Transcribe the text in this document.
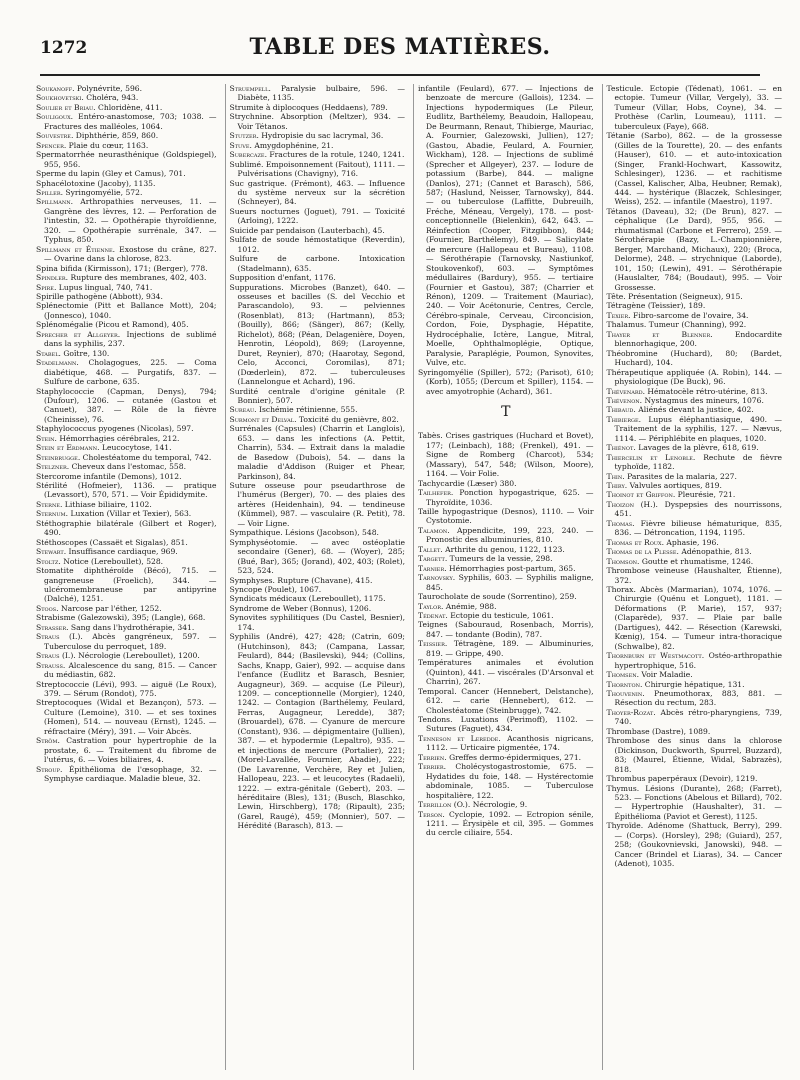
1272	TABLE DES MATIÈRES.

Soukanoff. Polynévrite, 596.

Soukhovetski. Choléra, 943.

Soulier et Briau. Chloridène, 411.

Souligoux. Entéro-anastomose, 703; 1038. — Fractures des malléoles, 1064.

Souvestre. Diphthérie, 859, 860.

Spencer. Plaie du cœur, 1163.

Spermatorrhée neurasthénique (Goldspiegel), 955, 956.

Sperme du lapin (Gley et Camus), 701.

Sphacélotoxine (Jacoby), 1135.

Spiller. Syringomyélie, 572.

Spillmann. Arthropathies nerveuses, 11. — Gangrène des lèvres, 12. — Perforation de l'intestin, 32. — Opothérapie thyroïdienne, 320. — Opothérapie surrénale, 347. — Typhus, 850.

Spillmann et Étienne. Exostose du crâne, 827. — Ovarine dans la chlorose, 823.

Spina bifida (Kirmisson), 171; (Berger), 778.

Spindler. Rupture des membranes, 402, 403.

Spire. Lupus lingual, 740, 741.

Spirille pathogène (Abbott), 934.

Splénectomie (Pitt et Ballance Mott), 204; (Jonnesco), 1040.

Splénomégalie (Picou et Ramond), 405.

Sprecher et Allgeyer. Injections de sublimé dans la syphilis, 237.

Stabel. Goître, 130.

Stadelmann. Cholagogues, 225. — Coma diabétique, 468. — Purgatifs, 837. — Sulfure de carbone, 635.

Staphylococcie (Capman, Denys), 794; (Dufour), 1206. — cutanée (Gastou et Canuet), 387. — Rôle de la fièvre (Cheinisse), 76.

Staphylococcus pyogenes (Nicolas), 597.

Stein. Hémorrhagies cérébrales, 212.

Stein et Erdmann. Leucocytose, 141.

Steinbrugge. Cholestéatome du temporal, 742.

Stelzner. Cheveux dans l'estomac, 558.

Stercorome infantile (Demons), 1012.

Stérilité (Hofmeier), 1136. — pratique (Levassort), 570, 571. — Voir Épididymite.

Sterne. Lithiase biliaire, 1102.

Sternum. Luxation (Villar et Texier), 563.

Stéthographie bilatérale (Gilbert et Roger), 490.

Stéthoscopes (Cassaët et Sigalas), 851.

Stewart. Insuffisance cardiaque, 969.

Stoltz. Notice (Lereboullet), 528.

Stomatite diphthéroïde (Bécó), 715. — gangreneuse (Froelich), 344. — ulcéromembraneuse par antipyrine (Dalché), 1251.

Stoos. Narcose par l'éther, 1252.

Strabisme (Galezowski), 395; (Langle), 668.

Strasser. Sang dans l'hydrothérapie, 341.

Straus (I.). Abcès gangréneux, 597. — Tuberculose du perroquet, 189.

Straus (I.). Nécrologie (Lereboullet), 1200.

Strauss. Alcalescence du sang, 815. — Cancer du médiastin, 682.

Streptococcie (Lévi), 993. — aiguë (Le Roux), 379. — Sérum (Rondot), 775.

Streptocoques (Widal et Bezançon), 573. — Culture (Lemoine), 310. — et ses toxines (Homen), 514. — nouveau (Ernst), 1245. — réfractaire (Méry), 391. — Voir Abcès.

Ström. Castration pour hypertrophie de la prostate, 6. — Traitement du fibrome de l'utérus, 6. — Voies biliaires, 4.

Stroup. Épithélioma de l'œsophage, 32. — Symphyse cardiaque. Maladie bleue, 32.

Struempell. Paralysie bulbaire, 596. — Diabète, 1135.

Strumite à diplocoques (Heddaens), 789.

Strychnine. Absorption (Meltzer), 934. — Voir Tétanos.

Stutzer. Hydropisie du sac lacrymal, 36.

Stuve. Amygdophénine, 21.

Subercaze. Fractures de la rotule, 1240, 1241.

Sublimé. Empoisonnement (Faitout), 1111. — Pulvérisations (Chavigny), 716.

Suc gastrique. (Frémont), 463. — Influence du système nerveux sur la sécrétion (Schneyer), 84.

Sueurs nocturnes (Joguet), 791. — Toxicité (Arloing), 1222.

Suicide par pendaison (Lauterbach), 45.

Sulfate de soude hémostatique (Reverdin), 1012.

Sulfure de carbone. Intoxication (Stadelmann), 635.

Supposition d'enfant, 1176.

Suppurations. Microbes (Banzet), 640. — osseuses et bacilles (S. del Vecchio et Parascandolo), 93. — pelviennes (Rosenblat), 813; (Hartmann), 853; (Bouilly), 866; (Sänger), 867; (Kelly, Richelot), 868; (Péan, Delagenière, Doyen, Henrotin, Léopold), 869; (Laroyenne, Duret, Reynier), 870; (Haarotay, Segond, Celo, Acconci, Coromilas), 871; (Dœderlein), 872. — tuberculeuses (Lannelongue et Achard), 196.

Surdité centrale d'origine génitale (P. Bonnier), 507.

Sureau. Ischémie rétinienne, 555.

Surmont et Delval. Toxicité du genièvre, 802.

Surrénales (Capsules) (Charrin et Langlois), 653. — dans les infections (A. Pettit, Charrin), 534. — Extrait dans la maladie de Basedow (Dubois), 54. — dans la maladie d'Addison (Ruiger et Phear, Parkinson), 84.

Suture osseuse pour pseudarthrose de l'humérus (Berger), 70. — des plaies des artères (Heidenhain), 94. — tendineuse (Kümmel), 987. — vasculaire (R. Petit), 78. — Voir Ligne.

Sympathique. Lésions (Jacobson), 548.

Symphyséotomie. — avec ostéoplatie secondaire (Gener), 68. — (Woyer), 285; (Bué, Bar), 365; (Jorand), 402, 403; (Rolet), 523, 524.

Symphyses. Rupture (Chavane), 415.

Syncope (Poulet), 1067.

Syndicats médicaux (Lereboullet), 1175.

Syndrome de Weber (Bonnus), 1206.

Synovites syphilitiques (Du Castel, Besnier), 174.

Syphilis (André), 427; 428; (Catrin, 609; (Hutchinson), 843; (Campana, Lassar, Feulard), 844; (Basilevski), 944; (Collins, Sachs, Knapp, Gaier), 992. — acquise dans l'enfance (Eudlitz et Barasch, Besnier, Augagneur), 369. — acquise (Le Pileur), 1209. — conceptionnelle (Morgier), 1240, 1242. — Contagion (Barthélemy, Feulard, Ferras, Augagneur, Leredde), 387; (Brouardel), 678. — Cyanure de mercure (Constant), 936. — dépigmentaire (Jullien), 387. — et hypodermie (Lepaltro), 935. — et injections de mercure (Portalier), 221; (Morel-Lavallée, Fournier, Abadie), 222; (De Lavarenne, Verchère, Rey et Julien, Hallopeau, 223. — et leucocytes (Radaeli), 1222. — extra-génitale (Gebert), 203. — héréditaire (Bles), 131; (Busch, Blaschko, Lewin, Hirschberg), 178; (Ripault), 235; (Garel, Raugé), 459; (Monnier), 507. — Hérédité (Barasch), 813. —

infantile (Feulard), 677. — Injections de benzoate de mercure (Gallois), 1234. — Injections hypodermiques (Le Pileur, Eudlitz, Barthélemy, Beaudoin, Hallopeau, De Beurmann, Renaut, Thibierge, Mauriac, A. Fournier, Galezowski, Jullien), 127; (Gastou, Abadie, Feulard, A. Fournier, Wickham), 128. — Injections de sublimé (Sprecher et Allgeyer), 237. — Iodure de potassium (Barbe), 844. — maligne (Danlos), 271; (Cannet et Barasch), 586, 587; (Haslund, Neisser, Tarnowsky), 844. — ou tuberculose (Laffitte, Dubreuilh, Fréche, Méneau, Vergely), 178. — post-conceptionnelle (Bielenkin), 642, 643. — Réinfection (Cooper, Fitzgibbon), 844; (Fournier, Barthélemy), 849. — Salicylate de mercure (Hallopeau et Bureau), 1108. — Sérothérapie (Tarnovsky, Nastiunkof, Stoukovenkof), 603. — Symptômes médullaires (Bardury), 955. — tertiaire (Fournier et Gastou), 387; (Charrier et Rénon), 1209. — Traitement (Mauriac), 240. — Voir Acétonurie, Centres, Cercle, Cérébro-spinale, Cerveau, Circoncision, Cordon, Foie, Dysphagie, Hépatite, Hydrocéphalie, Ictère, Langue, Mitral, Moelle, Ophthalmoplégie, Optique, Paralysie, Paraplégie, Poumon, Synovites, Vulve, etc.

Syringomyélie (Spiller), 572; (Parisot), 610; (Korb), 1055; (Dercum et Spiller), 1154. — avec amyotrophie (Achard), 361.

T

Tabès. Crises gastriques (Huchard et Bovet), 177; (Leinbach), 188; (Frenkel), 491. — Signe de Romberg (Charcot), 534; (Massary), 547, 548; (Wilson, Moore), 1164. — Voir Folie.

Tachycardie (Læser) 380.

Tailhefer. Ponction hypogastrique, 625. — Thyroïdite, 1036.

Taille hypogastrique (Desnos), 1110. — Voir Cystotomie.

Talamon. Appendicite, 199, 223, 240. — Pronostic des albuminuries, 810.

Tallet. Arthrite du genou, 1122, 1123.

Targett. Tumeurs de la vessie, 298.

Tarnier. Hémorrhagies post-partum, 365.

Tarnovsky. Syphilis, 603. — Syphilis maligne, 845.

Taurocholate de soude (Sorrentino), 259.

Taylor. Anémie, 988.

Tédenat. Ectopie du testicule, 1061.

Teignes (Sabouraud, Rosenbach, Morris), 847. — tondante (Bodin), 787.

Teissier. Tétragène, 189. — Albuminuries, 819. — Grippe, 490.

Températures animales et évolution (Quinton), 441. — viscérales (D'Arsonval et Charrin), 267.

Temporal. Cancer (Hennebert, Delstanche), 612. — carie (Hennebert), 612. — Cholestéatome (Steinbrugge), 742.

Tendons. Luxations (Perimoff), 1102. — Sutures (Faguet), 434.

Tenneson et Leredde. Acanthosis nigricans, 1112. — Urticaire pigmentée, 174.

Terrien. Greffes dermo-épidermiques, 271.

Terrier. Cholécystogastrostomie, 675. — Hydatides du foie, 148. — Hystérectomie abdominale, 1085. — Tuberculose hospitalière, 122.

Terrillon (O.). Nécrologie, 9.

Terson. Cyclopie, 1092. — Ectropion sénile, 1211. — Érysipèle et cil, 395. — Gommes du cercle ciliaire, 554.

Testicule. Ectopie (Tédenat), 1061. — en ectopie. Tumeur (Villar, Vergely), 33. — Tumeur (Villar, Hobs, Coyne), 34. — Prothèse (Carlin, Loumeau), 1111. — tuberculeux (Faye), 668.

Tétanie (Sarbo), 862. — de la grossesse (Gilles de la Tourette), 20. — des enfants (Hauser), 610. — et auto-intoxication (Singer, Frankl-Hochwart, Kassowitz, Schlesinger), 1236. — et rachitisme (Cassel, Kalischer, Alba, Heubner, Remak), 444. — hystérique (Blaczek, Schlesinger, Weiss), 252. — infantile (Maestro), 1197.

Tétanos (Daveau), 32; (De Brun), 827. — céphalique (Le Dard), 955, 956. — rhumatismal (Carbone et Ferrero), 259. — Sérothérapie (Bazy, L.-Championnière, Berger, Marchand, Michaux), 220; (Broca, Delorme), 248. — strychnique (Laborde), 101, 150; (Lewin), 491. — Sérothérapie (Hauslalter, 784; (Boudaut), 995. — Voir Grossesse.

Tête. Présentation (Seigneux), 915.

Tétragène (Teissier), 189.

Texier. Fibro-sarcome de l'ovaire, 34.

Thalamus. Tumeur (Channing), 992.

Thayer et Blenner. Endocardite blennorhagique, 200.

Théobromine (Huchard), 80; (Bardet, Huchard), 104.

Thérapeutique appliquée (A. Robin), 144. — physiologique (De Buck), 96.

Thévenard. Hématocèle rétro-utérine, 813.

Thévenon. Nystagmus des mineurs, 1076.

Thibaud. Aliénés devant la justice, 402.

Thibierge. Lupus éléphantiasique, 490. — Traitement de la syphilis, 127. — Nævus, 1114. — Périphlébite en plaques, 1020.

Thiénot. Lavages de la plèvre, 618, 619.

Thiercelin et Lenoble. Rechute de fièvre typhoïde, 1182.

Thin. Parasites de la malaria, 227.

Thiry. Valvules aortiques, 819.

Thoinot et Griffon. Pleurésie, 721.

Thoizon (H.). Dyspepsies des nourrissons, 451.

Thomas. Fièvre bilieuse hématurique, 835, 836. — Détroncation, 1194, 1195.

Thomas et Roux. Aphasie, 196.

Thomas de la Plesse. Adénopathie, 813.

Thomson. Goutte et rhumatisme, 1246.

Thrombose veineuse (Haushalter, Étienne), 372.

Thorax. Abcès (Marmarian), 1074, 1076. — Chirurgie (Quénu et Longuet), 1181. — Déformations (P. Marie), 157, 937; (Claparède), 937. — Plaie par balle (Dartigues), 442. — Résection (Karewski, Kœnig), 154. — Tumeur intra-thoracique (Schwalbe), 82.

Thornburn et Westmacott. Ostéo-arthropathie hypertrophique, 516.

Thomsen. Voir Maladie.

Thornton. Chirurgie hépatique, 131.

Thouvenin. Pneumothorax, 883, 881. — Résection du rectum, 283.

Thoyer-Rozat. Abcès rétro-pharyngiens, 739, 740.

Thrombase (Dastre), 1089.

Thrombose des sinus dans la chlorose (Dickinson, Duckworth, Spurrel, Buzzard), 83; (Maurel, Étienne, Widal, Sabrazès), 818.

Thrombus paperpéraux (Devoir), 1219.

Thymus. Lésions (Durante), 268; (Farret), 523. — Fonctions (Abelous et Billard), 702. — Hypertrophie (Haushalter), 31. — Épithélioma (Paviot et Gerest), 1125.

Thyroïde. Adénome (Shattuck, Berry), 299. — (Corps). (Horsley), 298; (Guiard), 257, 258; (Goukovnievski, Janowski), 948. — Cancer (Brindel et Liaras), 34. — Cancer (Adenot), 1035.
